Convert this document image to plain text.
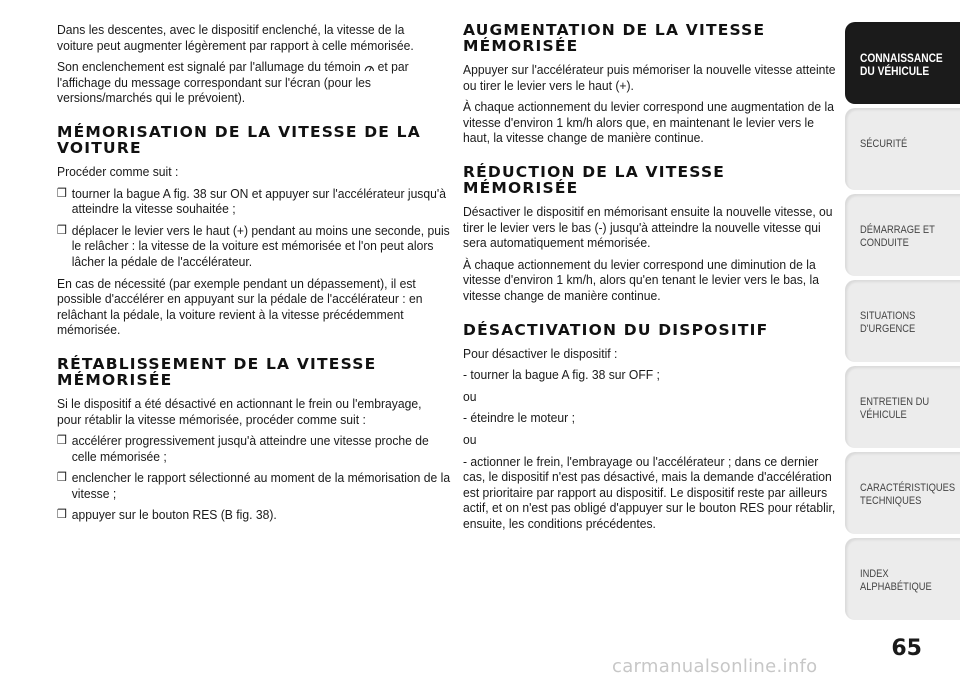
Dans les descentes, avec le dispositif enclenché, la vitesse de la voiture peut augmenter légèrement par rapport à celle mémorisée.

Son enclenchement est signalé par l'allumage du témoin et par l'affichage du message correspondant sur l'écran (pour les versions/marchés qui le prévoient).

MÉMORISATION DE LA VITESSE DE LA VOITURE

Procéder comme suit :

❒ tourner la bague A fig. 38 sur ON et appuyer sur l'accélérateur jusqu'à atteindre la vitesse souhaitée ;

❒ déplacer le levier vers le haut (+) pendant au moins une seconde, puis le relâcher : la vitesse de la voiture est mémorisée et l'on peut alors lâcher la pédale de l'accélérateur.

En cas de nécessité (par exemple pendant un dépassement), il est possible d'accélérer en appuyant sur la pédale de l'accélérateur : en relâchant la pédale, la voiture revient à la vitesse précédemment mémorisée.

RÉTABLISSEMENT DE LA VITESSE MÉMORISÉE

Si le dispositif a été désactivé en actionnant le frein ou l'embrayage, pour rétablir la vitesse mémorisée, procéder comme suit :

❒ accélérer progressivement jusqu'à atteindre une vitesse proche de celle mémorisée ;

❒ enclencher le rapport sélectionné au moment de la mémorisation de la vitesse ;

❒ appuyer sur le bouton RES (B fig. 38).

AUGMENTATION DE LA VITESSE MÉMORISÉE

Appuyer sur l'accélérateur puis mémoriser la nouvelle vitesse atteinte ou tirer le levier vers le haut (+).

À chaque actionnement du levier correspond une augmentation de la vitesse d'environ 1 km/h alors que, en maintenant le levier vers le haut, la vitesse change de manière continue.

RÉDUCTION DE LA VITESSE MÉMORISÉE

Désactiver le dispositif en mémorisant ensuite la nouvelle vitesse, ou tirer le levier vers le bas (-) jusqu'à atteindre la nouvelle vitesse qui sera automatiquement mémorisée.

À chaque actionnement du levier correspond une diminution de la vitesse d'environ 1 km/h, alors qu'en tenant le levier vers le bas, la vitesse change de manière continue.

DÉSACTIVATION DU DISPOSITIF

Pour désactiver le dispositif :

- tourner la bague A fig. 38 sur OFF ;

ou

- éteindre le moteur ;

ou

- actionner le frein, l'embrayage ou l'accélérateur ; dans ce dernier cas, le dispositif n'est pas désactivé, mais la demande d'accélération est prioritaire par rapport au dispositif. Le dispositif reste par ailleurs actif, et on n'est pas obligé d'appuyer sur le bouton RES pour rétablir, ensuite, les conditions précédentes.

CONNAISSANCE DU VÉHICULE
SÉCURITÉ
DÉMARRAGE ET CONDUITE
SITUATIONS D'URGENCE
ENTRETIEN DU VÉHICULE
CARACTÉRISTIQUES TECHNIQUES
INDEX ALPHABÉTIQUE
65
carmanualsonline.info
